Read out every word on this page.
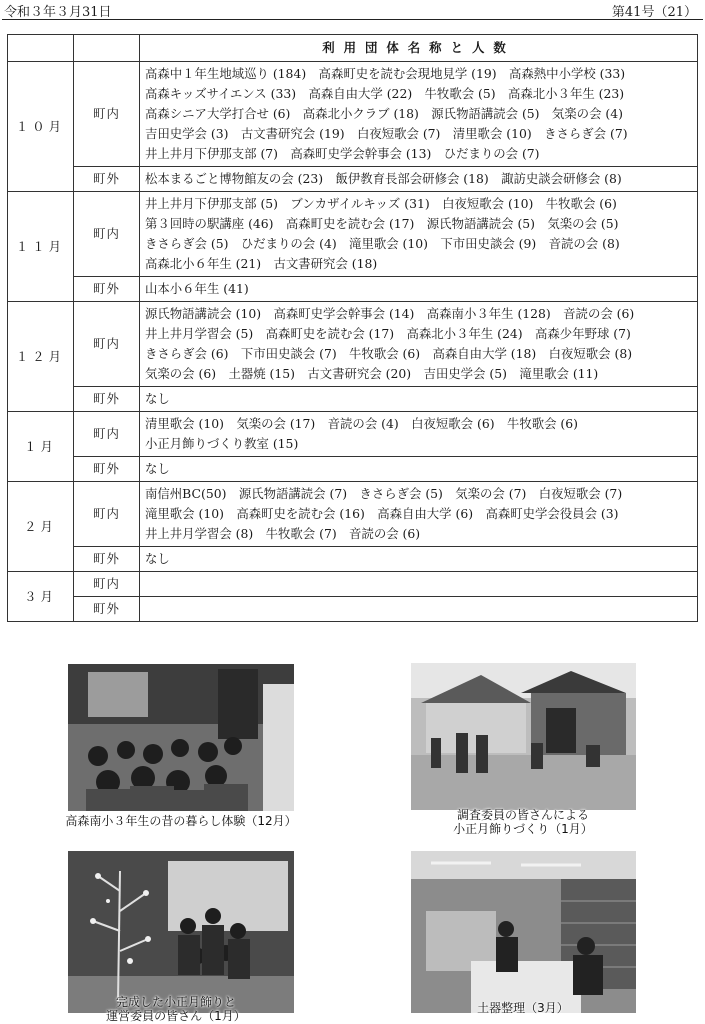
令和３年３月31日	第41号（21）
		利用団体名称と人数
１０月	町内	高森中１年生地域巡り (184)　高森町史を読む会現地見学 (19)　高森熱中小学校 (33)
高森キッズサイエンス (33)　高森自由大学 (22)　牛牧歌会 (5)　高森北小３年生 (23)
高森シニア大学打合せ (6)　高森北小クラブ (18)　源氏物語講読会 (5)　気楽の会 (4)
吉田史学会 (3)　古文書研究会 (19)　白夜短歌会 (7)　清里歌会 (10)　きさらぎ会 (7)
井上井月下伊那支部 (7)　高森町史学会幹事会 (13)　ひだまりの会 (7)

	町外	松本まるごと博物館友の会 (23)　飯伊教育長部会研修会 (18)　諏訪史談会研修会 (8)

１１月	町内	井上井月下伊那支部 (5)　ブンカザイルキッズ (31)　白夜短歌会 (10)　牛牧歌会 (6)
第３回時の駅講座 (46)　高森町史を読む会 (17)　源氏物語講読会 (5)　気楽の会 (5)
きさらぎ会 (5)　ひだまりの会 (4)　滝里歌会 (10)　下市田史談会 (9)　音読の会 (8)
高森北小６年生 (21)　古文書研究会 (18)

	町外	山本小６年生 (41)

１２月	町内	源氏物語講読会 (10)　高森町史学会幹事会 (14)　高森南小３年生 (128)　音読の会 (6)
井上井月学習会 (5)　高森町史を読む会 (17)　高森北小３年生 (24)　高森少年野球 (7)
きさらぎ会 (6)　下市田史談会 (7)　牛牧歌会 (6)　高森自由大学 (18)　白夜短歌会 (8)
気楽の会 (6)　土器焼 (15)　古文書研究会 (20)　吉田史学会 (5)　滝里歌会 (11)

	町外	なし

１月	町内	清里歌会 (10)　気楽の会 (17)　音読の会 (4)　白夜短歌会 (6)　牛牧歌会 (6)
小正月飾りづくり教室 (15)

	町外	なし

２月	町内	南信州BC(50)　源氏物語講読会 (7)　きさらぎ会 (5)　気楽の会 (7)　白夜短歌会 (7)
滝里歌会 (10)　高森町史を読む会 (16)　高森自由大学 (6)　高森町史学会役員会 (3)
井上井月学習会 (8)　牛牧歌会 (7)　音読の会 (6)

	町外	なし

３月	町内	
	町外	
高森南小３年生の昔の暮らし体験（12月）	調査委員の皆さんによる
小正月飾りづくり（1月）
完成した小正月飾りと
運営委員の皆さん（1月）
土器整理（3月）
